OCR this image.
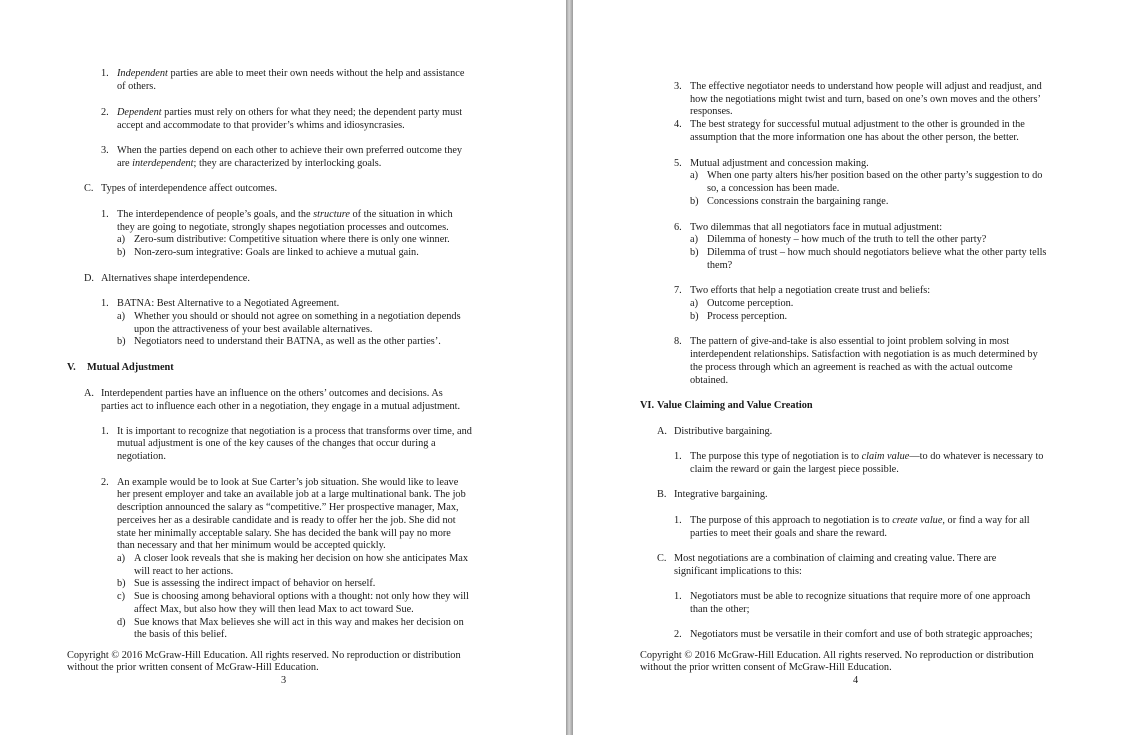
1. Independent parties are able to meet their own needs without the help and assistance
of others.
2. Dependent parties must rely on others for what they need; the dependent party must
accept and accommodate to that provider’s whims and idiosyncrasies.
3. When the parties depend on each other to achieve their own preferred outcome they
are interdependent; they are characterized by interlocking goals.
C. Types of interdependence affect outcomes.
1. The interdependence of people’s goals, and the structure of the situation in which
they are going to negotiate, strongly shapes negotiation processes and outcomes.
a) Zero-sum distributive: Competitive situation where there is only one winner.
b) Non-zero-sum integrative: Goals are linked to achieve a mutual gain.
D. Alternatives shape interdependence.
1. BATNA: Best Alternative to a Negotiated Agreement.
a) Whether you should or should not agree on something in a negotiation depends
upon the attractiveness of your best available alternatives.
b) Negotiators need to understand their BATNA, as well as the other parties’.
V. Mutual Adjustment
A. Interdependent parties have an influence on the others’ outcomes and decisions. As
parties act to influence each other in a negotiation, they engage in a mutual adjustment.
1. It is important to recognize that negotiation is a process that transforms over time, and
mutual adjustment is one of the key causes of the changes that occur during a
negotiation.
2. An example would be to look at Sue Carter’s job situation. She would like to leave
her present employer and take an available job at a large multinational bank. The job
description announced the salary as “competitive.” Her prospective manager, Max,
perceives her as a desirable candidate and is ready to offer her the job. She did not
state her minimally acceptable salary. She has decided the bank will pay no more
than necessary and that her minimum would be accepted quickly.
a) A closer look reveals that she is making her decision on how she anticipates Max
will react to her actions.
b) Sue is assessing the indirect impact of behavior on herself.
c) Sue is choosing among behavioral options with a thought: not only how they will
affect Max, but also how they will then lead Max to act toward Sue.
d) Sue knows that Max believes she will act in this way and makes her decision on
the basis of this belief.
Copyright © 2016 McGraw-Hill Education. All rights reserved. No reproduction or distribution
without the prior written consent of McGraw-Hill Education.
3
3. The effective negotiator needs to understand how people will adjust and readjust, and
how the negotiations might twist and turn, based on one’s own moves and the others’
responses.
4. The best strategy for successful mutual adjustment to the other is grounded in the
assumption that the more information one has about the other person, the better.
5. Mutual adjustment and concession making.
a) When one party alters his/her position based on the other party’s suggestion to do
so, a concession has been made.
b) Concessions constrain the bargaining range.
6. Two dilemmas that all negotiators face in mutual adjustment:
a) Dilemma of honesty – how much of the truth to tell the other party?
b) Dilemma of trust – how much should negotiators believe what the other party tells
them?
7. Two efforts that help a negotiation create trust and beliefs:
a) Outcome perception.
b) Process perception.
8. The pattern of give-and-take is also essential to joint problem solving in most
interdependent relationships. Satisfaction with negotiation is as much determined by
the process through which an agreement is reached as with the actual outcome
obtained.
VI. Value Claiming and Value Creation
A. Distributive bargaining.
1. The purpose this type of negotiation is to claim value—to do whatever is necessary to
claim the reward or gain the largest piece possible.
B. Integrative bargaining.
1. The purpose of this approach to negotiation is to create value, or find a way for all
parties to meet their goals and share the reward.
C. Most negotiations are a combination of claiming and creating value. There are
significant implications to this:
1. Negotiators must be able to recognize situations that require more of one approach
than the other;
2. Negotiators must be versatile in their comfort and use of both strategic approaches;
Copyright © 2016 McGraw-Hill Education. All rights reserved. No reproduction or distribution
without the prior written consent of McGraw-Hill Education.
4
